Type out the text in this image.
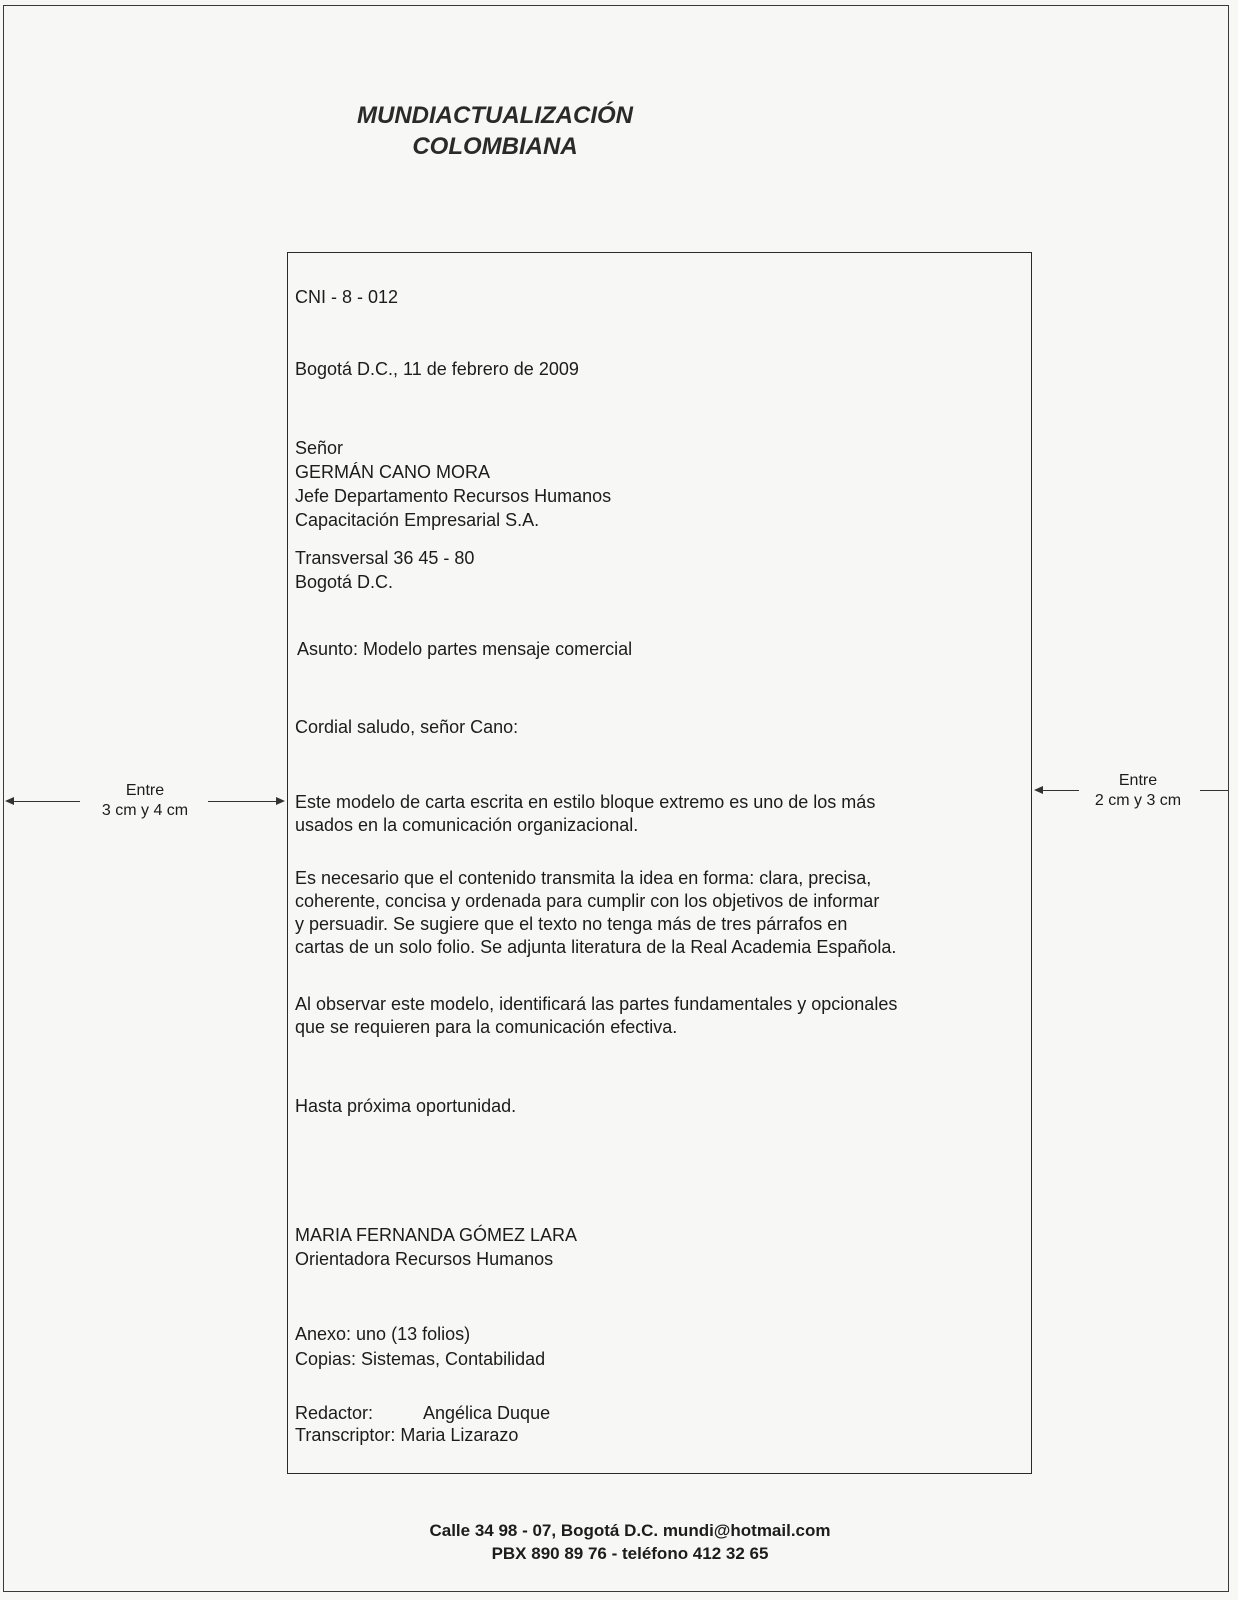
MUNDIACTUALIZACIÓN
COLOMBIANA
CNI - 8 - 012
Bogotá D.C., 11 de febrero de 2009
Señor
GERMÁN CANO MORA
Jefe Departamento Recursos Humanos
Capacitación Empresarial S.A.
Transversal 36 45 - 80
Bogotá D.C.
Asunto: Modelo partes mensaje comercial
Cordial saludo, señor Cano:
Este modelo de carta escrita en estilo bloque extremo es uno de los más
usados en la comunicación organizacional.
Es necesario que el contenido transmita la idea en forma: clara, precisa,
coherente, concisa y ordenada para cumplir con los objetivos de informar
y persuadir. Se sugiere que el texto no tenga más de tres párrafos en
cartas de un solo folio. Se adjunta literatura de la Real Academia Española.
Al observar este modelo, identificará las partes fundamentales y opcionales
que se requieren para la comunicación efectiva.
Hasta próxima oportunidad.
MARIA FERNANDA GÓMEZ LARA
Orientadora Recursos Humanos
Anexo: uno (13 folios)
Copias: Sistemas, Contabilidad
Redactor:	Angélica Duque
Transcriptor: Maria Lizarazo
Entre
3 cm y 4 cm
Entre
2 cm y 3 cm
Calle 34 98 - 07, Bogotá D.C. mundi@hotmail.com
PBX 890 89 76 - teléfono 412 32 65
